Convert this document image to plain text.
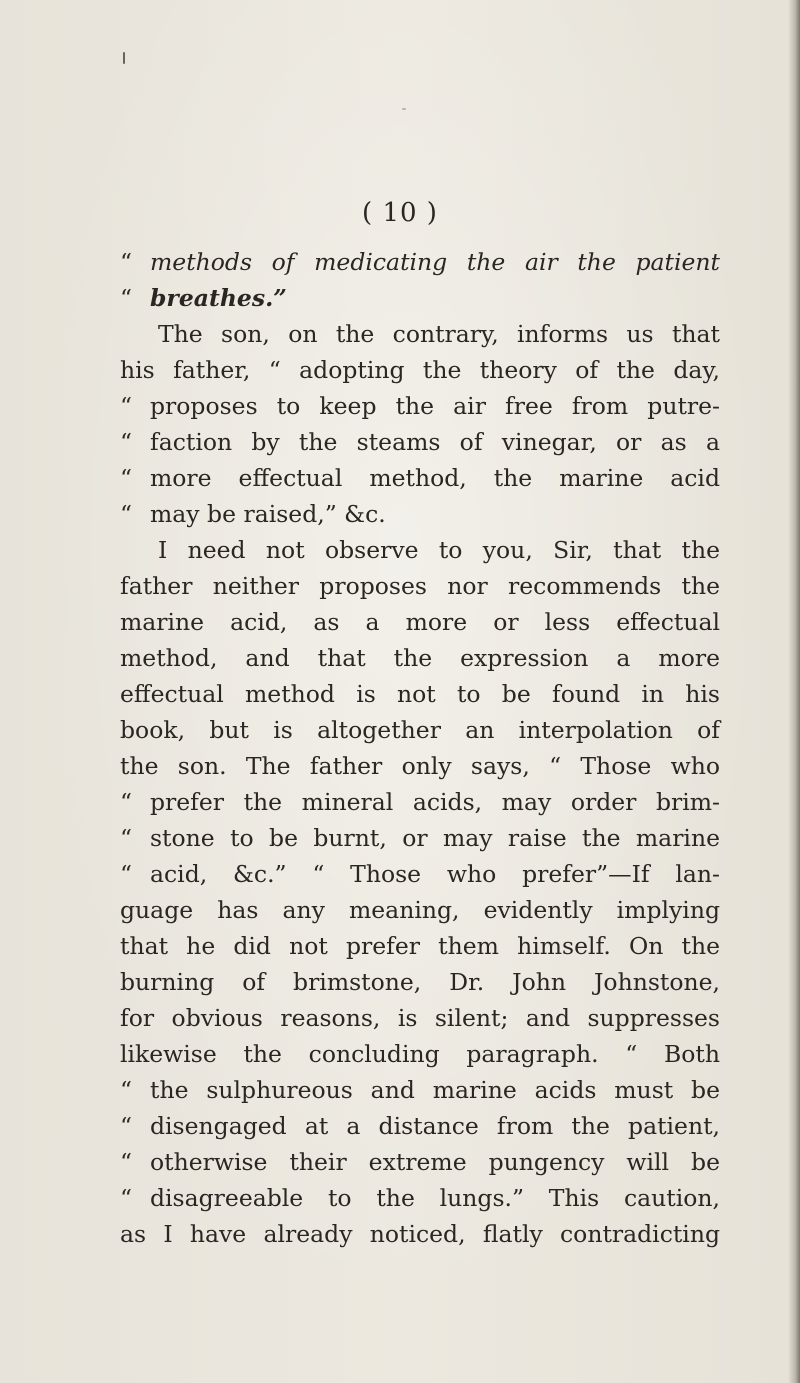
( 10 )
“ methods of medicating the air the patient
“ breathes.”
The son, on the contrary, informs us that
his father, “ adopting the theory of the day,
“ proposes to keep the air free from putre-
“ faction by the steams of vinegar, or as a
“ more effectual method, the marine acid
“ may be raised,” &c.
I need not observe to you, Sir, that the
father neither proposes nor recommends the
marine acid, as a more or less effectual
method, and that the expression a more
effectual method is not to be found in his
book, but is altogether an interpolation of
the son. The father only says, “ Those who
“ prefer the mineral acids, may order brim-
“ stone to be burnt, or may raise the marine
“ acid, &c.” “ Those who prefer”—If lan-
guage has any meaning, evidently implying
that he did not prefer them himself. On the
burning of brimstone, Dr. John Johnstone,
for obvious reasons, is silent; and suppresses
likewise the concluding paragraph. “ Both
“ the sulphureous and marine acids must be
“ disengaged at a distance from the patient,
“ otherwise their extreme pungency will be
“ disagreeable to the lungs.” This caution,
as I have already noticed, flatly contradicting
